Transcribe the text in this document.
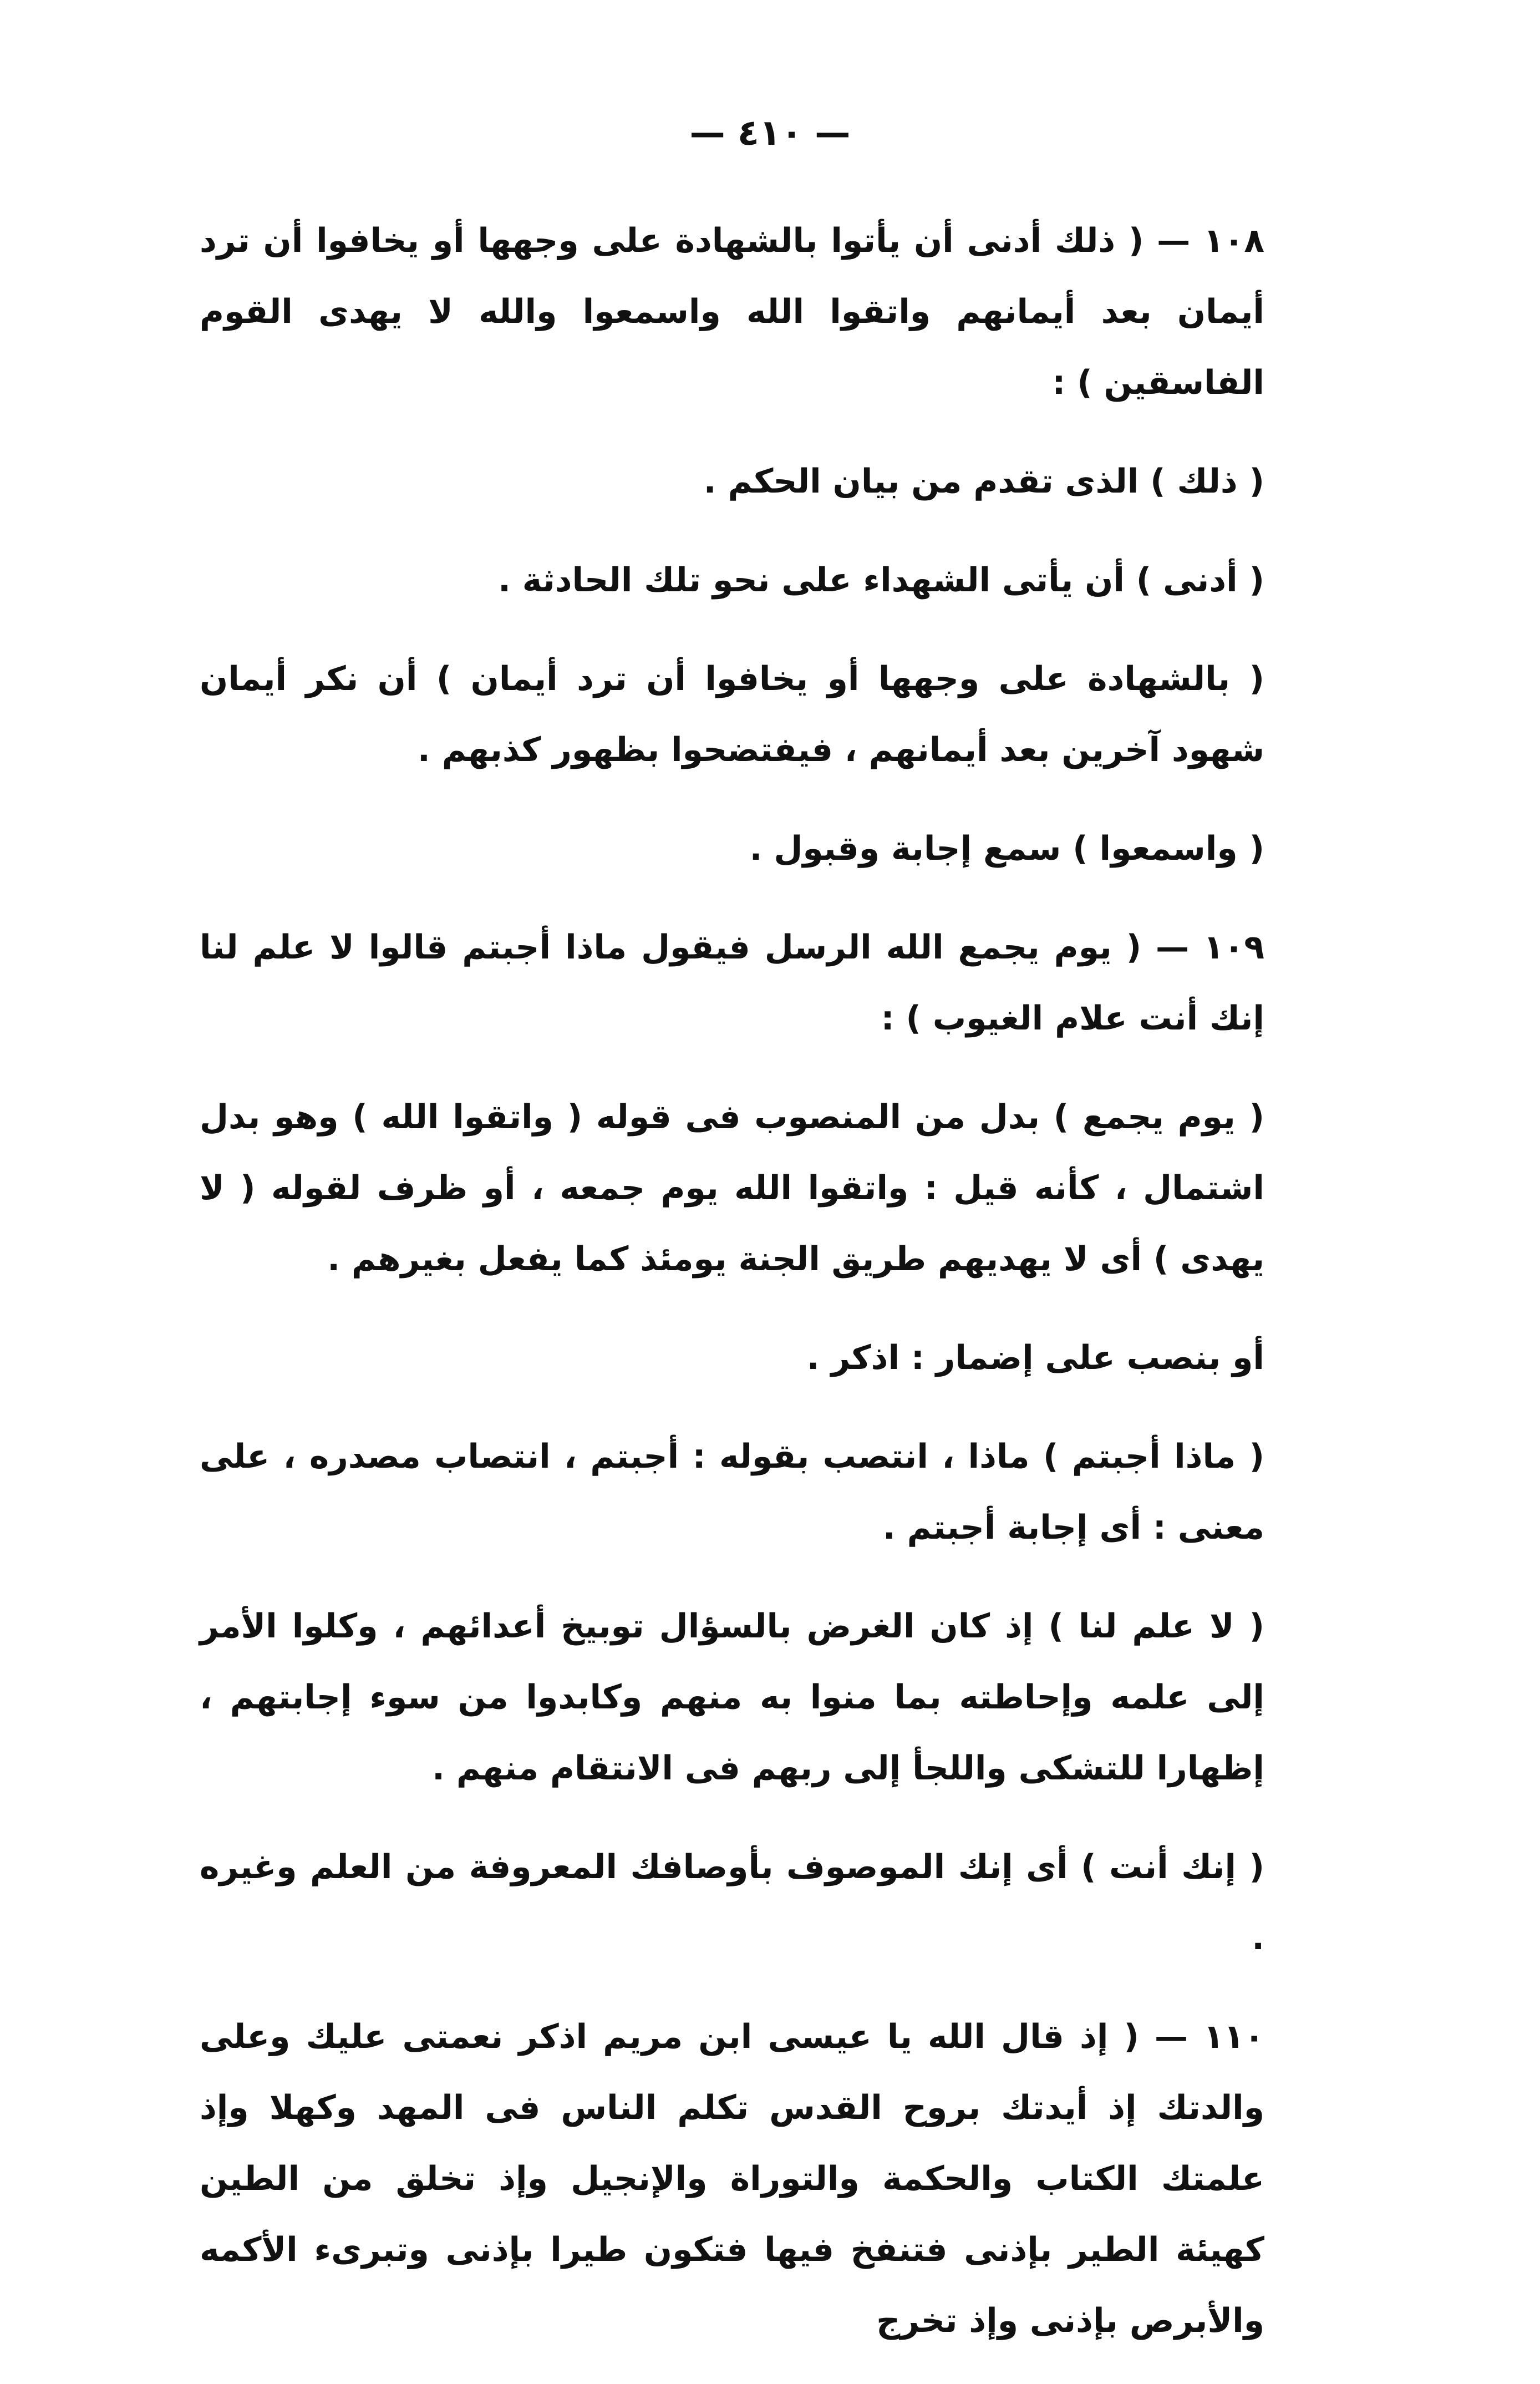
— ٤١٠ —

١٠٨ — ( ذلك أدنى أن يأتوا بالشهادة على وجهها أو يخافوا أن ترد أيمان بعد أيمانهم واتقوا الله واسمعوا والله لا يهدى القوم الفاسقين ) :

( ذلك ) الذى تقدم من بيان الحكم .

( أدنى ) أن يأتى الشهداء على نحو تلك الحادثة .

( بالشهادة على وجهها أو يخافوا أن ترد أيمان ) أن نكر أيمان شهود آخرين بعد أيمانهم ، فيفتضحوا بظهور كذبهم .

( واسمعوا ) سمع إجابة وقبول .

١٠٩ — ( يوم يجمع الله الرسل فيقول ماذا أجبتم قالوا لا علم لنا إنك أنت علام الغيوب ) :

( يوم يجمع ) بدل من المنصوب فى قوله ( واتقوا الله ) وهو بدل اشتمال ، كأنه قيل : واتقوا الله يوم جمعه ، أو ظرف لقوله ( لا يهدى ) أى لا يهديهم طريق الجنة يومئذ كما يفعل بغيرهم .

أو بنصب على إضمار : اذكر .

( ماذا أجبتم ) ماذا ، انتصب بقوله : أجبتم ، انتصاب مصدره ، على معنى : أى إجابة أجبتم .

( لا علم لنا ) إذ كان الغرض بالسؤال توبيخ أعدائهم ، وكلوا الأمر إلى علمه وإحاطته بما منوا به منهم وكابدوا من سوء إجابتهم ، إظهارا للتشكى واللجأ إلى ربهم فى الانتقام منهم .

( إنك أنت ) أى إنك الموصوف بأوصافك المعروفة من العلم وغيره .

١١٠ — ( إذ قال الله يا عيسى ابن مريم اذكر نعمتى عليك وعلى والدتك إذ أيدتك بروح القدس تكلم الناس فى المهد وكهلا وإذ علمتك الكتاب والحكمة والتوراة والإنجيل وإذ تخلق من الطين كهيئة الطير بإذنى فتنفخ فيها فتكون طيرا بإذنى وتبرىء الأكمه والأبرص بإذنى وإذ تخرج
